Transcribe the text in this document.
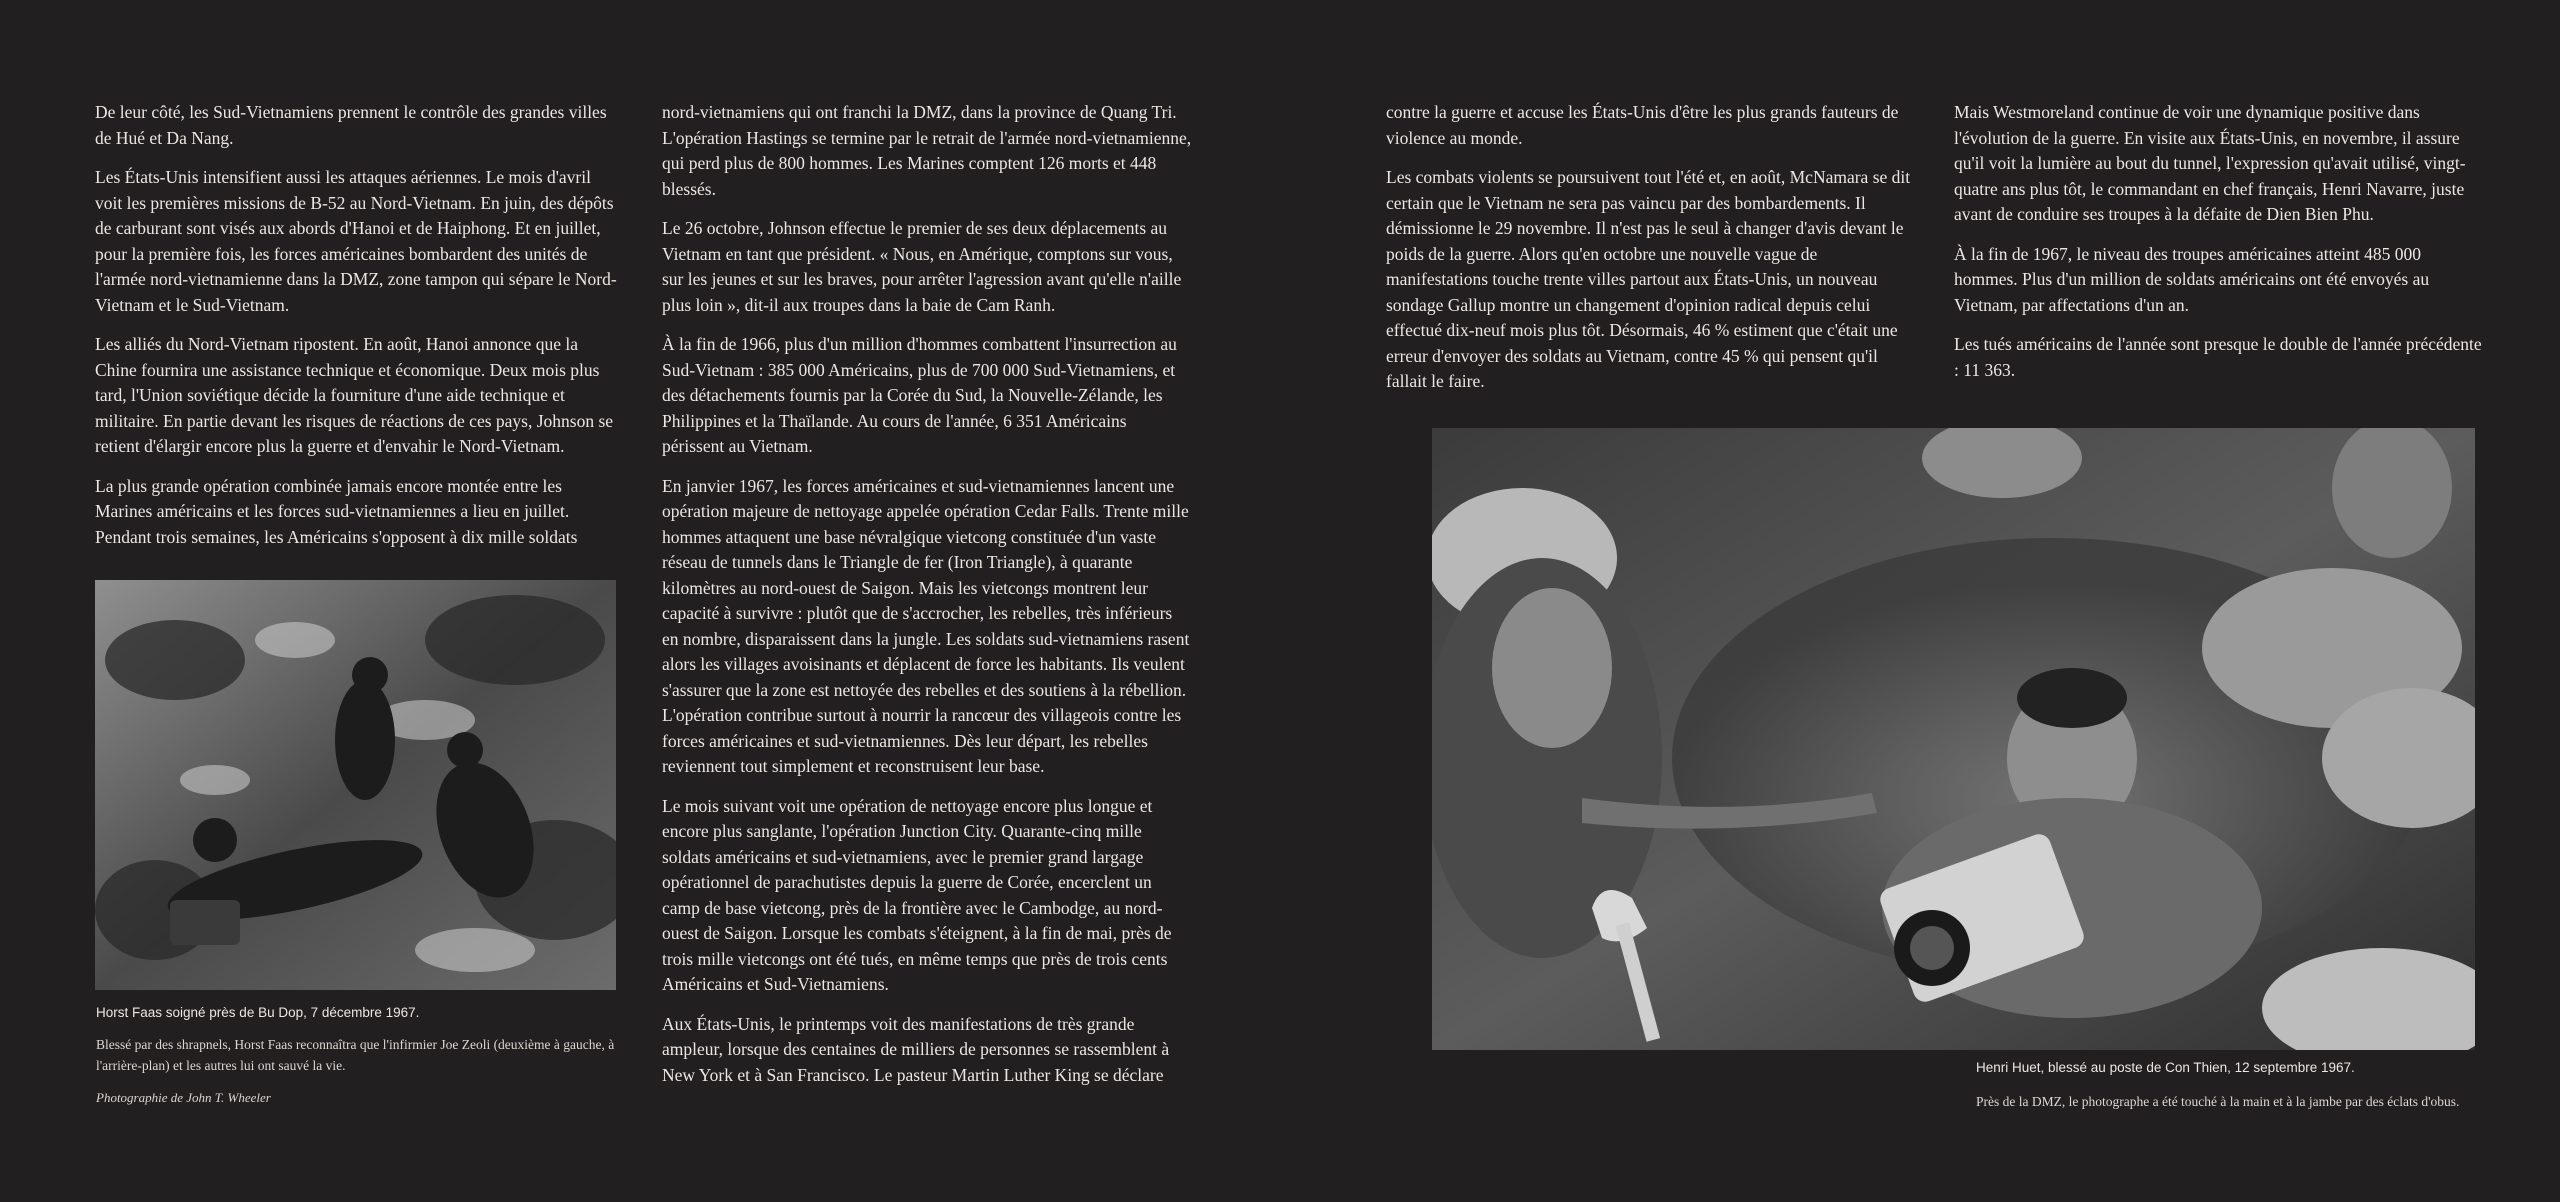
De leur côté, les Sud-Vietnamiens prennent le contrôle des grandes villes de Hué et Da Nang.

Les États-Unis intensifient aussi les attaques aériennes. Le mois d'avril voit les premières missions de B-52 au Nord-Vietnam. En juin, des dépôts de carburant sont visés aux abords d'Hanoi et de Haiphong. Et en juillet, pour la première fois, les forces américaines bombardent des unités de l'armée nord-vietnamienne dans la DMZ, zone tampon qui sépare le Nord-Vietnam et le Sud-Vietnam.

Les alliés du Nord-Vietnam ripostent. En août, Hanoi annonce que la Chine fournira une assistance technique et économique. Deux mois plus tard, l'Union soviétique décide la fourniture d'une aide technique et militaire. En partie devant les risques de réactions de ces pays, Johnson se retient d'élargir encore plus la guerre et d'envahir le Nord-Vietnam.

La plus grande opération combinée jamais encore montée entre les Marines américains et les forces sud-vietnamiennes a lieu en juillet. Pendant trois semaines, les Américains s'opposent à dix mille soldats

nord-vietnamiens qui ont franchi la DMZ, dans la province de Quang Tri. L'opération Hastings se termine par le retrait de l'armée nord-vietnamienne, qui perd plus de 800 hommes. Les Marines comptent 126 morts et 448 blessés.

Le 26 octobre, Johnson effectue le premier de ses deux déplacements au Vietnam en tant que président. « Nous, en Amérique, comptons sur vous, sur les jeunes et sur les braves, pour arrêter l'agression avant qu'elle n'aille plus loin », dit-il aux troupes dans la baie de Cam Ranh.

À la fin de 1966, plus d'un million d'hommes combattent l'insurrection au Sud-Vietnam : 385 000 Américains, plus de 700 000 Sud-Vietnamiens, et des détachements fournis par la Corée du Sud, la Nouvelle-Zélande, les Philippines et la Thaïlande. Au cours de l'année, 6 351 Américains périssent au Vietnam.

En janvier 1967, les forces américaines et sud-vietnamiennes lancent une opération majeure de nettoyage appelée opération Cedar Falls. Trente mille hommes attaquent une base névralgique vietcong constituée d'un vaste réseau de tunnels dans le Triangle de fer (Iron Triangle), à quarante kilomètres au nord-ouest de Saigon. Mais les vietcongs montrent leur capacité à survivre : plutôt que de s'accrocher, les rebelles, très inférieurs en nombre, disparaissent dans la jungle. Les soldats sud-vietnamiens rasent alors les villages avoisinants et déplacent de force les habitants. Ils veulent s'assurer que la zone est nettoyée des rebelles et des soutiens à la rébellion. L'opération contribue surtout à nourrir la rancœur des villageois contre les forces américaines et sud-vietnamiennes. Dès leur départ, les rebelles reviennent tout simplement et reconstruisent leur base.

Le mois suivant voit une opération de nettoyage encore plus longue et encore plus sanglante, l'opération Junction City. Quarante-cinq mille soldats américains et sud-vietnamiens, avec le premier grand largage opérationnel de parachutistes depuis la guerre de Corée, encerclent un camp de base vietcong, près de la frontière avec le Cambodge, au nord-ouest de Saigon. Lorsque les combats s'éteignent, à la fin de mai, près de trois mille vietcongs ont été tués, en même temps que près de trois cents Américains et Sud-Vietnamiens.

Aux États-Unis, le printemps voit des manifestations de très grande ampleur, lorsque des centaines de milliers de personnes se rassemblent à New York et à San Francisco. Le pasteur Martin Luther King se déclare

contre la guerre et accuse les États-Unis d'être les plus grands fauteurs de violence au monde.

Les combats violents se poursuivent tout l'été et, en août, McNamara se dit certain que le Vietnam ne sera pas vaincu par des bombardements. Il démissionne le 29 novembre. Il n'est pas le seul à changer d'avis devant le poids de la guerre. Alors qu'en octobre une nouvelle vague de manifestations touche trente villes partout aux États-Unis, un nouveau sondage Gallup montre un changement d'opinion radical depuis celui effectué dix-neuf mois plus tôt. Désormais, 46 % estiment que c'était une erreur d'envoyer des soldats au Vietnam, contre 45 % qui pensent qu'il fallait le faire.

Mais Westmoreland continue de voir une dynamique positive dans l'évolution de la guerre. En visite aux États-Unis, en novembre, il assure qu'il voit la lumière au bout du tunnel, l'expression qu'avait utilisé, vingt-quatre ans plus tôt, le commandant en chef français, Henri Navarre, juste avant de conduire ses troupes à la défaite de Dien Bien Phu.

À la fin de 1967, le niveau des troupes américaines atteint 485 000 hommes. Plus d'un million de soldats américains ont été envoyés au Vietnam, par affectations d'un an.

Les tués américains de l'année sont presque le double de l'année précédente : 11 363.

Horst Faas soigné près de Bu Dop, 7 décembre 1967.
Blessé par des shrapnels, Horst Faas reconnaîtra que l'infirmier Joe Zeoli (deuxième à gauche, à l'arrière-plan) et les autres lui ont sauvé la vie.
Photographie de John T. Wheeler
Henri Huet, blessé au poste de Con Thien, 12 septembre 1967.
Près de la DMZ, le photographe a été touché à la main et à la jambe par des éclats d'obus.
